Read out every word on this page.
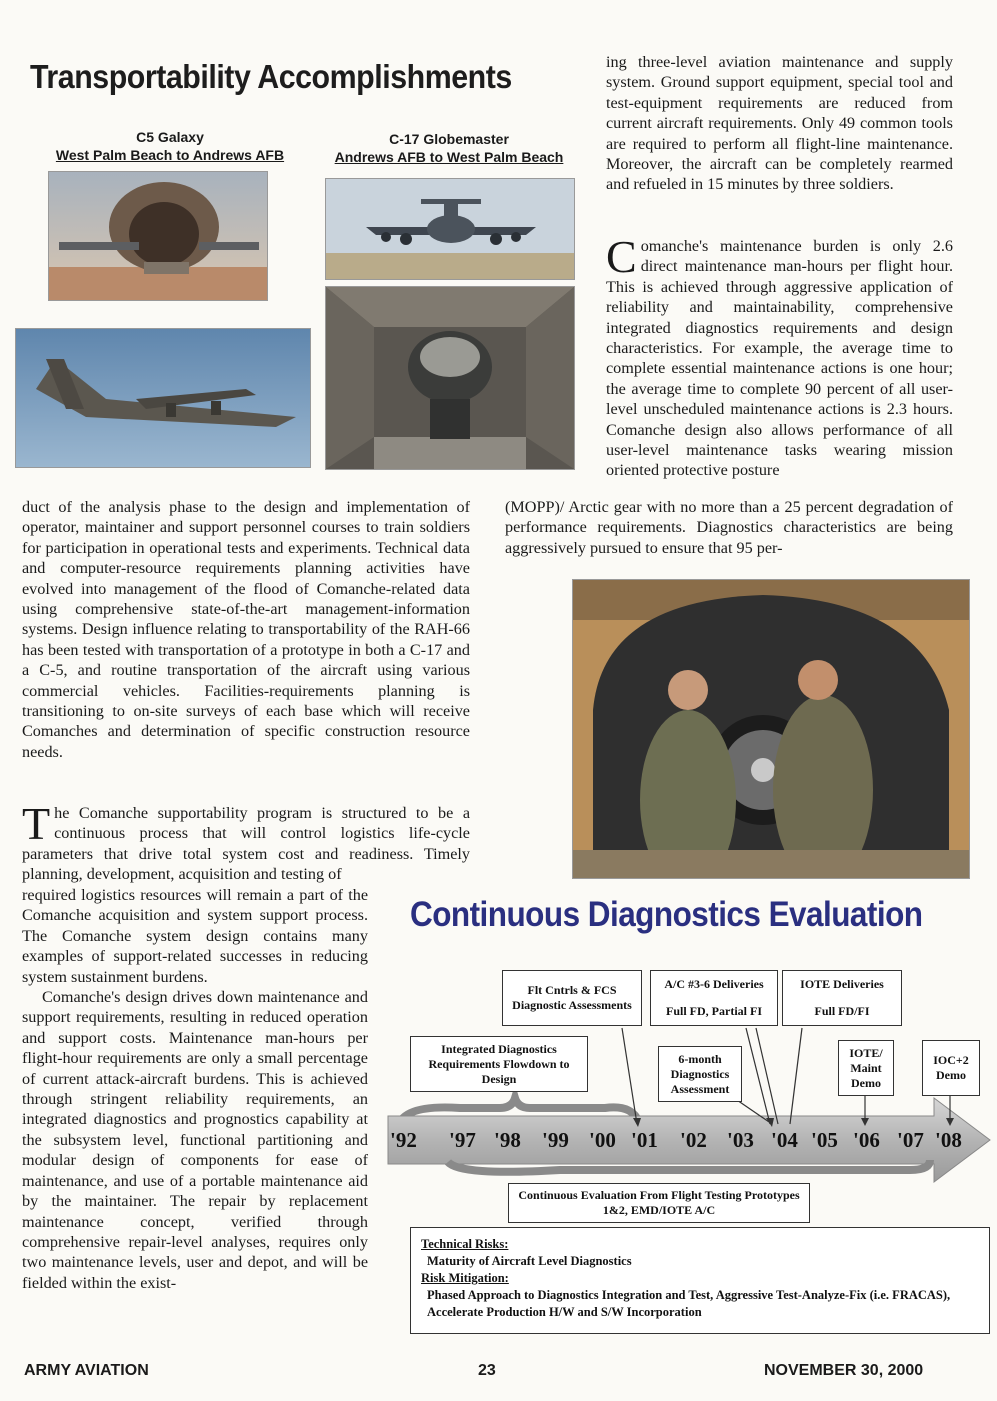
Transportability Accomplishments
C5 Galaxy
West Palm Beach to Andrews AFB
C-17 Globemaster
Andrews AFB to West Palm Beach

ing three-level aviation maintenance and supply system. Ground support equipment, special tool and test-equipment requirements are reduced from current aircraft requirements. Only 49 common tools are required to perform all flight-line maintenance. Moreover, the aircraft can be completely rearmed and refueled in 15 minutes by three soldiers.

Comanche's maintenance burden is only 2.6 direct maintenance man-hours per flight hour. This is achieved through aggressive application of reliability and maintainability, comprehensive integrated diagnostics requirements and design characteristics. For example, the average time to complete essential maintenance actions is one hour; the average time to complete 90 percent of all user-level unscheduled maintenance actions is 2.3 hours. Comanche design also allows performance of all user-level maintenance tasks wearing mission oriented protective posture

(MOPP)/ Arctic gear with no more than a 25 percent degradation of performance requirements. Diagnostics characteristics are being aggressively pursued to ensure that 95 per-

duct of the analysis phase to the design and implementation of operator, maintainer and support personnel courses to train soldiers for participation in operational tests and experiments. Technical data and computer-resource requirements planning activities have evolved into management of the flood of Comanche-related data using comprehensive state-of-the-art management-information systems. Design influence relating to transportability of the RAH-66 has been tested with transportation of a prototype in both a C-17 and a C-5, and routine transportation of the aircraft using various commercial vehicles. Facilities-requirements planning is transitioning to on-site surveys of each base which will receive Comanches and determination of specific construction resource needs.

The Comanche supportability program is structured to be a continuous process that will control logistics life-cycle parameters that drive total system cost and readiness. Timely planning, development, acquisition and testing of

required logistics resources will remain a part of the Comanche acquisition and system support process. The Comanche system design contains many examples of support-related successes in reducing system sustainment burdens.

Comanche's design drives down maintenance and support requirements, resulting in reduced operation and support costs. Maintenance man-hours per flight-hour requirements are only a small percentage of current attack-aircraft burdens. This is achieved through stringent reliability requirements, an integrated diagnostics and prognostics capability at the subsystem level, functional partitioning and modular design of components for ease of maintenance, and use of a portable maintenance aid by the maintainer. The repair by replacement maintenance concept, verified through comprehensive repair-level analyses, requires only two maintenance levels, user and depot, and will be fielded within the exist-

Continuous Diagnostics Evaluation
Flt Cntrls & FCS Diagnostic Assessments
A/C #3-6 Deliveries
Full FD, Partial FI
IOTE Deliveries
Full FD/FI
Integrated Diagnostics Requirements Flowdown to Design
6-month Diagnostics Assessment
IOTE/ Maint Demo
IOC+2 Demo
Continuous Evaluation From Flight Testing Prototypes 1&2, EMD/IOTE A/C
'92 '97 '98 '99 '00 '01 '02 '03 '04 '05 '06 '07 '08
Technical Risks:
Maturity of Aircraft Level Diagnostics
Risk Mitigation:
Phased Approach to Diagnostics Integration and Test, Aggressive Test-Analyze-Fix (i.e. FRACAS), Accelerate Production H/W and S/W Incorporation
ARMY AVIATION	23	NOVEMBER 30, 2000
